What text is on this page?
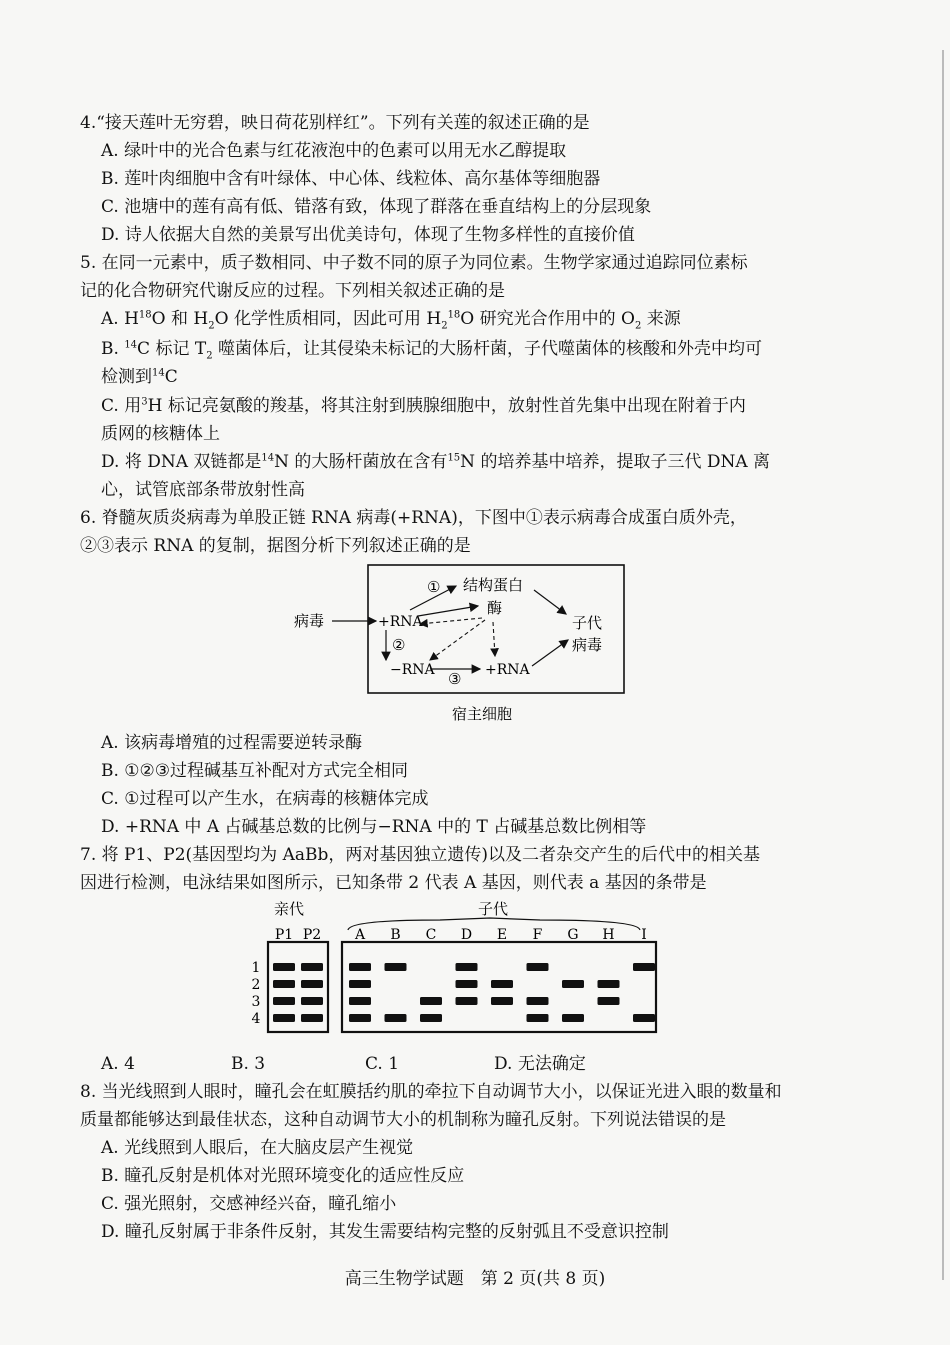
4.“接天莲叶无穷碧，映日荷花别样红”。下列有关莲的叙述正确的是
A. 绿叶中的光合色素与红花液泡中的色素可以用无水乙醇提取
B. 莲叶肉细胞中含有叶绿体、中心体、线粒体、高尔基体等细胞器
C. 池塘中的莲有高有低、错落有致，体现了群落在垂直结构上的分层现象
D. 诗人依据大自然的美景写出优美诗句，体现了生物多样性的直接价值
5. 在同一元素中，质子数相同、中子数不同的原子为同位素。生物学家通过追踪同位素标
记的化合物研究代谢反应的过程。下列相关叙述正确的是
A. $H^{18}O$ 和 $H_2O$ 化学性质相同，因此可用 $H_2^{18}O$ 研究光合作用中的 $O_2$ 来源
B. $^{14}$C 标记 $T_2$ 噬菌体后，让其侵染未标记的大肠杆菌，子代噬菌体的核酸和外壳中均可
检测到$^{14}$C
C. 用$^3$H 标记亮氨酸的羧基，将其注射到胰腺细胞中，放射性首先集中出现在附着于内
质网的核糖体上
D. 将 DNA 双链都是$^{14}$N 的大肠杆菌放在含有$^{15}$N 的培养基中培养，提取子三代 DNA 离
心，试管底部条带放射性高
6. 脊髓灰质炎病毒为单股正链 RNA 病毒(+RNA)，下图中①表示病毒合成蛋白质外壳，
②③表示 RNA 的复制，据图分析下列叙述正确的是
病毒	+RNA
结构蛋白
酶
子代
病毒
−RNA	+RNA
①
②
③
宿主细胞
A. 该病毒增殖的过程需要逆转录酶
B. ①②③过程碱基互补配对方式完全相同
C. ①过程可以产生水，在病毒的核糖体完成
D. +RNA 中 A 占碱基总数的比例与−RNA 中的 T 占碱基总数比例相等
7. 将 P1、P2(基因型均为 AaBb，两对基因独立遗传)以及二者杂交产生的后代中的相关基
因进行检测，电泳结果如图所示，已知条带 2 代表 A 基因，则代表 a 基因的条带是
亲代	子代
P1 P2 A B C D E F G H I
1
2
3
4
A. 4	B. 3	C. 1	D. 无法确定
8. 当光线照到人眼时，瞳孔会在虹膜括约肌的牵拉下自动调节大小，以保证光进入眼的数量和
质量都能够达到最佳状态，这种自动调节大小的机制称为瞳孔反射。下列说法错误的是
A. 光线照到人眼后，在大脑皮层产生视觉
B. 瞳孔反射是机体对光照环境变化的适应性反应
C. 强光照射，交感神经兴奋，瞳孔缩小
D. 瞳孔反射属于非条件反射，其发生需要结构完整的反射弧且不受意识控制
高三生物学试题　第 2 页(共 8 页)
